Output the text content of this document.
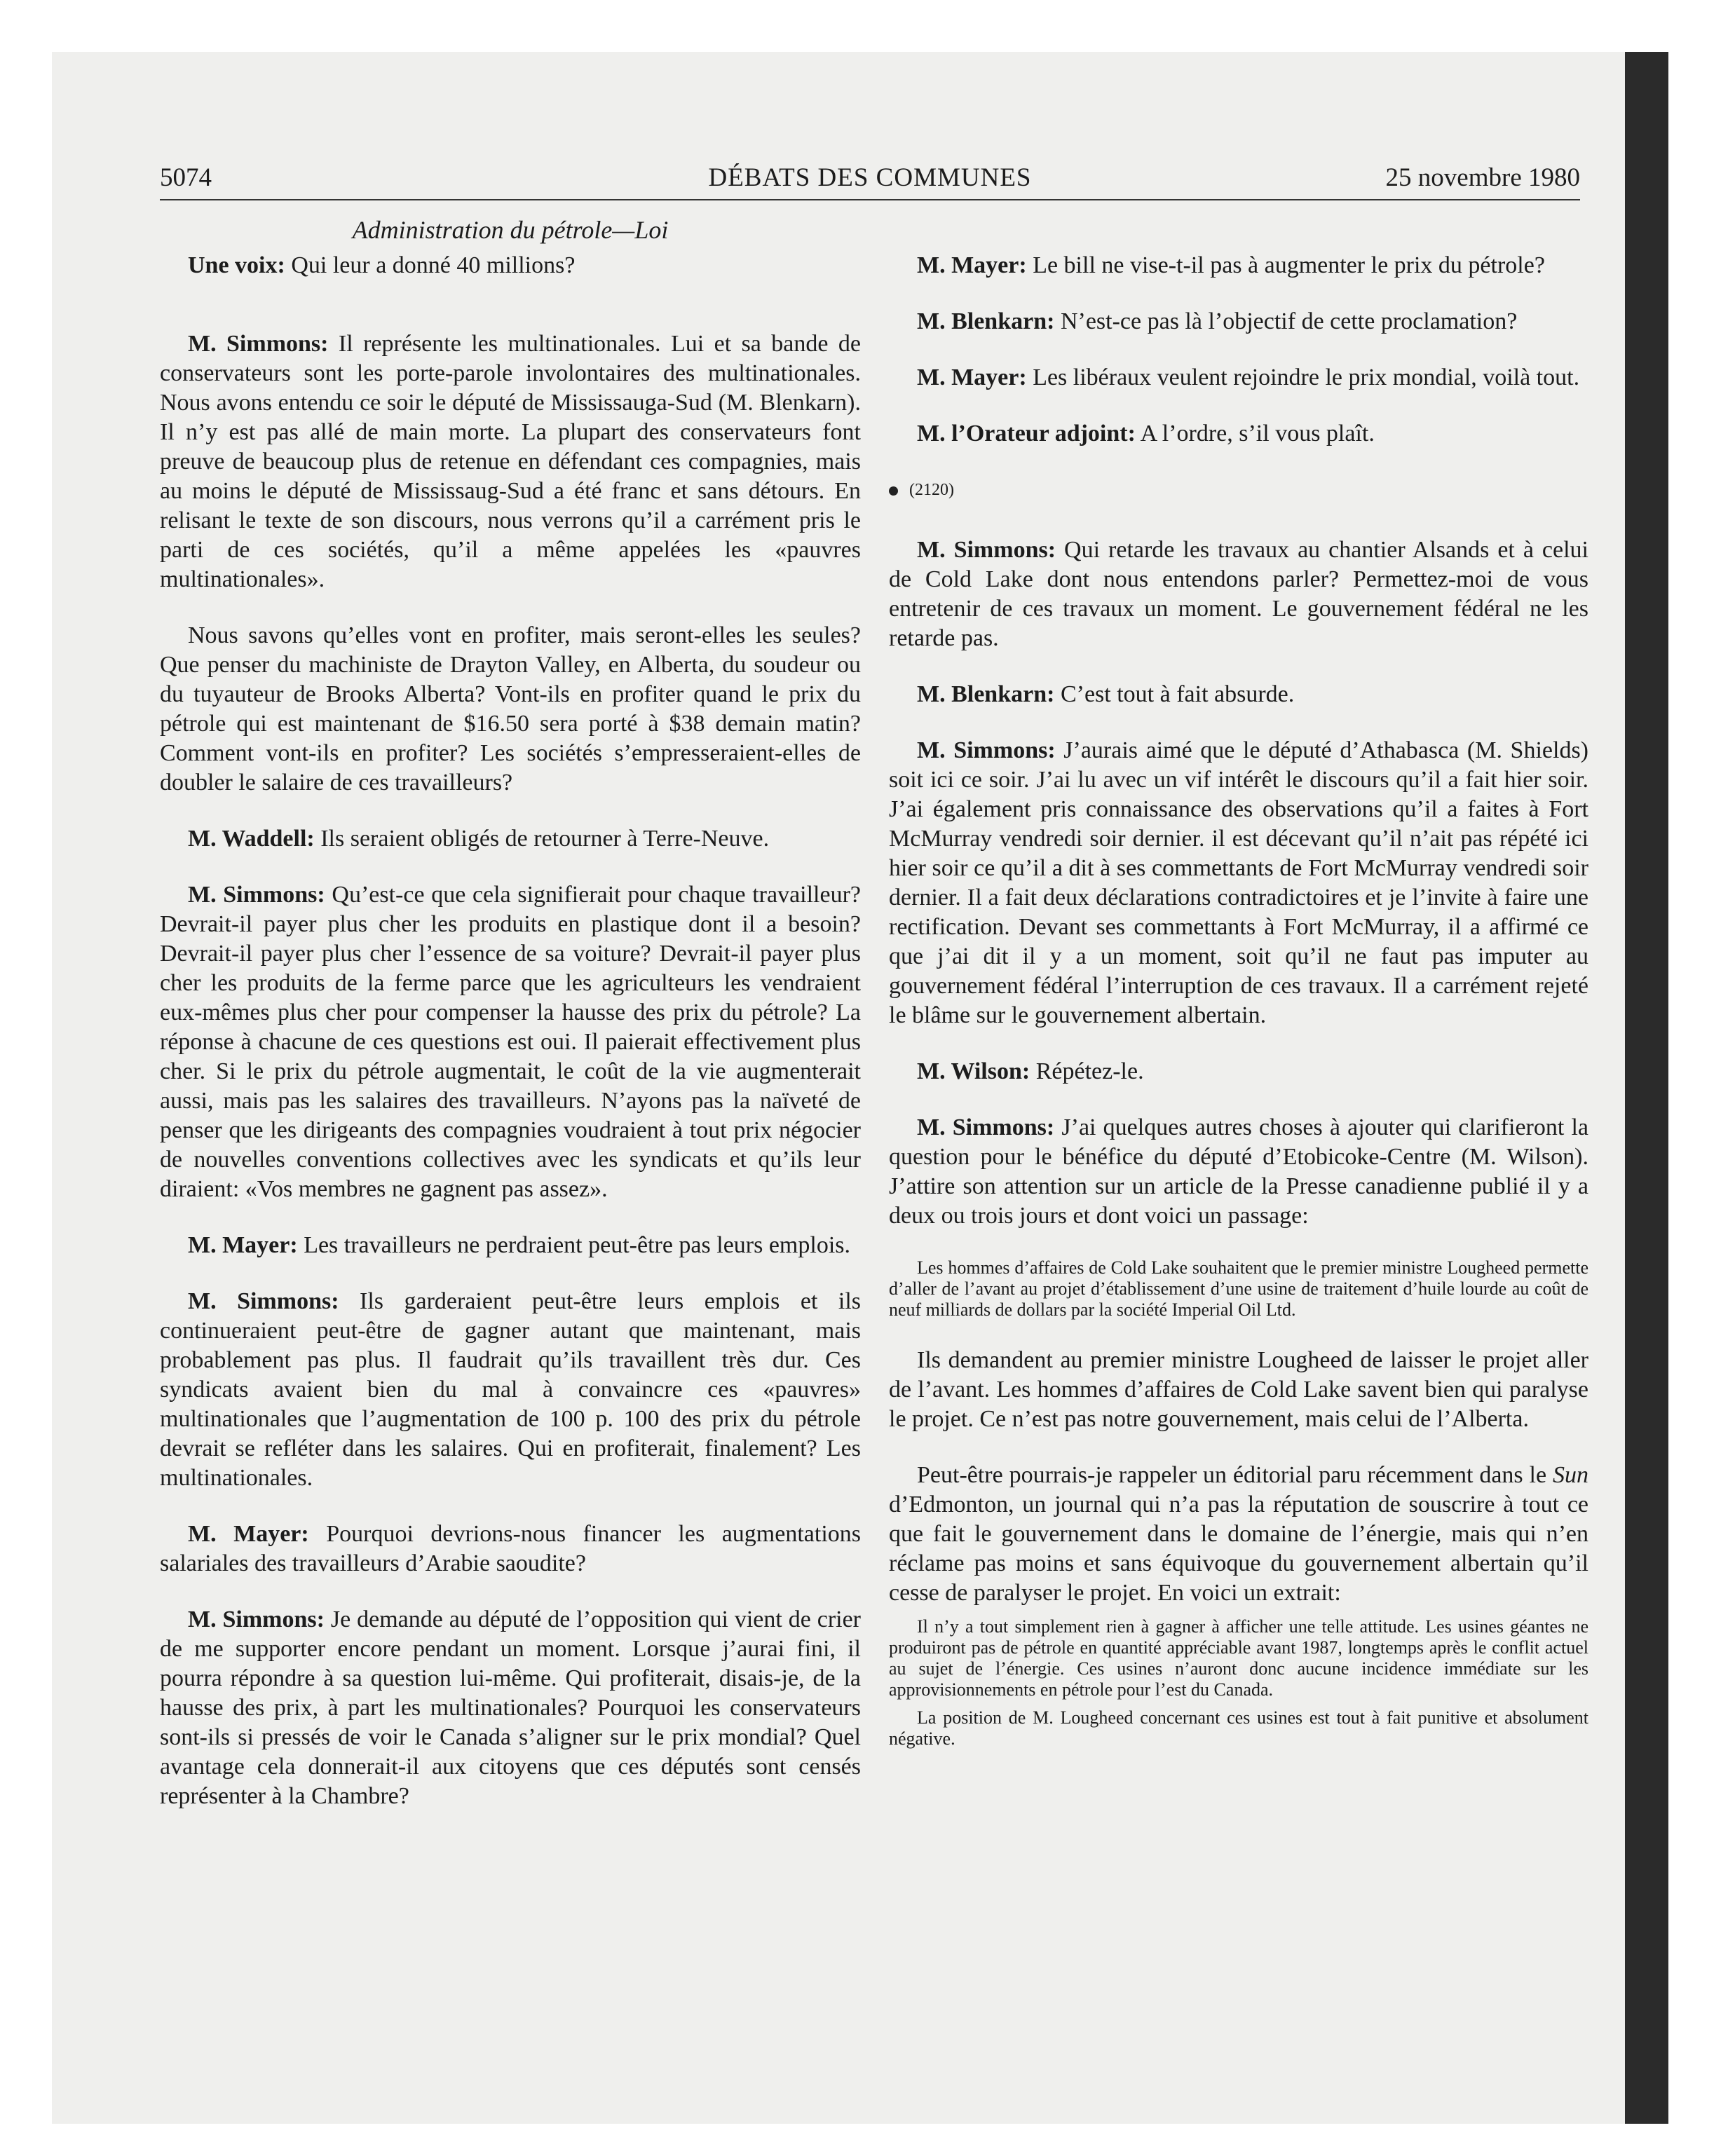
5074	DÉBATS DES COMMUNES	25 novembre 1980
Administration du pétrole—Loi

Une voix: Qui leur a donné 40 millions?

M. Simmons: Il représente les multinationales. Lui et sa bande de conservateurs sont les porte-parole involontaires des multinationales. Nous avons entendu ce soir le député de Mississauga-Sud (M. Blenkarn). Il n’y est pas allé de main morte. La plupart des conservateurs font preuve de beaucoup plus de retenue en défendant ces compagnies, mais au moins le député de Mississaug-Sud a été franc et sans détours. En relisant le texte de son discours, nous verrons qu’il a carrément pris le parti de ces sociétés, qu’il a même appelées les «pauvres multinationales».

Nous savons qu’elles vont en profiter, mais seront-elles les seules? Que penser du machiniste de Drayton Valley, en Alberta, du soudeur ou du tuyauteur de Brooks Alberta? Vont-ils en profiter quand le prix du pétrole qui est maintenant de $16.50 sera porté à $38 demain matin? Comment vont-ils en profiter? Les sociétés s’empresseraient-elles de doubler le salaire de ces travailleurs?

M. Waddell: Ils seraient obligés de retourner à Terre-Neuve.

M. Simmons: Qu’est-ce que cela signifierait pour chaque travailleur? Devrait-il payer plus cher les produits en plastique dont il a besoin? Devrait-il payer plus cher l’essence de sa voiture? Devrait-il payer plus cher les produits de la ferme parce que les agriculteurs les vendraient eux-mêmes plus cher pour compenser la hausse des prix du pétrole? La réponse à chacune de ces questions est oui. Il paierait effectivement plus cher. Si le prix du pétrole augmentait, le coût de la vie augmenterait aussi, mais pas les salaires des travailleurs. N’ayons pas la naïveté de penser que les dirigeants des compagnies voudraient à tout prix négocier de nouvelles conventions collectives avec les syndicats et qu’ils leur diraient: «Vos membres ne gagnent pas assez».

M. Mayer: Les travailleurs ne perdraient peut-être pas leurs emplois.

M. Simmons: Ils garderaient peut-être leurs emplois et ils continueraient peut-être de gagner autant que maintenant, mais probablement pas plus. Il faudrait qu’ils travaillent très dur. Ces syndicats avaient bien du mal à convaincre ces «pauvres» multinationales que l’augmentation de 100 p. 100 des prix du pétrole devrait se refléter dans les salaires. Qui en profiterait, finalement? Les multinationales.

M. Mayer: Pourquoi devrions-nous financer les augmentations salariales des travailleurs d’Arabie saoudite?

M. Simmons: Je demande au député de l’opposition qui vient de crier de me supporter encore pendant un moment. Lorsque j’aurai fini, il pourra répondre à sa question lui-même. Qui profiterait, disais-je, de la hausse des prix, à part les multinationales? Pourquoi les conservateurs sont-ils si pressés de voir le Canada s’aligner sur le prix mondial? Quel avantage cela donnerait-il aux citoyens que ces députés sont censés représenter à la Chambre?

M. Mayer: Le bill ne vise-t-il pas à augmenter le prix du pétrole?

M. Blenkarn: N’est-ce pas là l’objectif de cette proclamation?

M. Mayer: Les libéraux veulent rejoindre le prix mondial, voilà tout.

M. l’Orateur adjoint: A l’ordre, s’il vous plaît.

(2120)

M. Simmons: Qui retarde les travaux au chantier Alsands et à celui de Cold Lake dont nous entendons parler? Permettez-moi de vous entretenir de ces travaux un moment. Le gouvernement fédéral ne les retarde pas.

M. Blenkarn: C’est tout à fait absurde.

M. Simmons: J’aurais aimé que le député d’Athabasca (M. Shields) soit ici ce soir. J’ai lu avec un vif intérêt le discours qu’il a fait hier soir. J’ai également pris connaissance des observations qu’il a faites à Fort McMurray vendredi soir dernier. il est décevant qu’il n’ait pas répété ici hier soir ce qu’il a dit à ses commettants de Fort McMurray vendredi soir dernier. Il a fait deux déclarations contradictoires et je l’invite à faire une rectification. Devant ses commettants à Fort McMurray, il a affirmé ce que j’ai dit il y a un moment, soit qu’il ne faut pas imputer au gouvernement fédéral l’interruption de ces travaux. Il a carrément rejeté le blâme sur le gouvernement albertain.

M. Wilson: Répétez-le.

M. Simmons: J’ai quelques autres choses à ajouter qui clarifieront la question pour le bénéfice du député d’Etobicoke-Centre (M. Wilson). J’attire son attention sur un article de la Presse canadienne publié il y a deux ou trois jours et dont voici un passage:

Les hommes d’affaires de Cold Lake souhaitent que le premier ministre Lougheed permette d’aller de l’avant au projet d’établissement d’une usine de traitement d’huile lourde au coût de neuf milliards de dollars par la société Imperial Oil Ltd.

Ils demandent au premier ministre Lougheed de laisser le projet aller de l’avant. Les hommes d’affaires de Cold Lake savent bien qui paralyse le projet. Ce n’est pas notre gouvernement, mais celui de l’Alberta.

Peut-être pourrais-je rappeler un éditorial paru récemment dans le Sun d’Edmonton, un journal qui n’a pas la réputation de souscrire à tout ce que fait le gouvernement dans le domaine de l’énergie, mais qui n’en réclame pas moins et sans équivoque du gouvernement albertain qu’il cesse de paralyser le projet. En voici un extrait:

Il n’y a tout simplement rien à gagner à afficher une telle attitude. Les usines géantes ne produiront pas de pétrole en quantité appréciable avant 1987, longtemps après le conflit actuel au sujet de l’énergie. Ces usines n’auront donc aucune incidence immédiate sur les approvisionnements en pétrole pour l’est du Canada.

La position de M. Lougheed concernant ces usines est tout à fait punitive et absolument négative.
